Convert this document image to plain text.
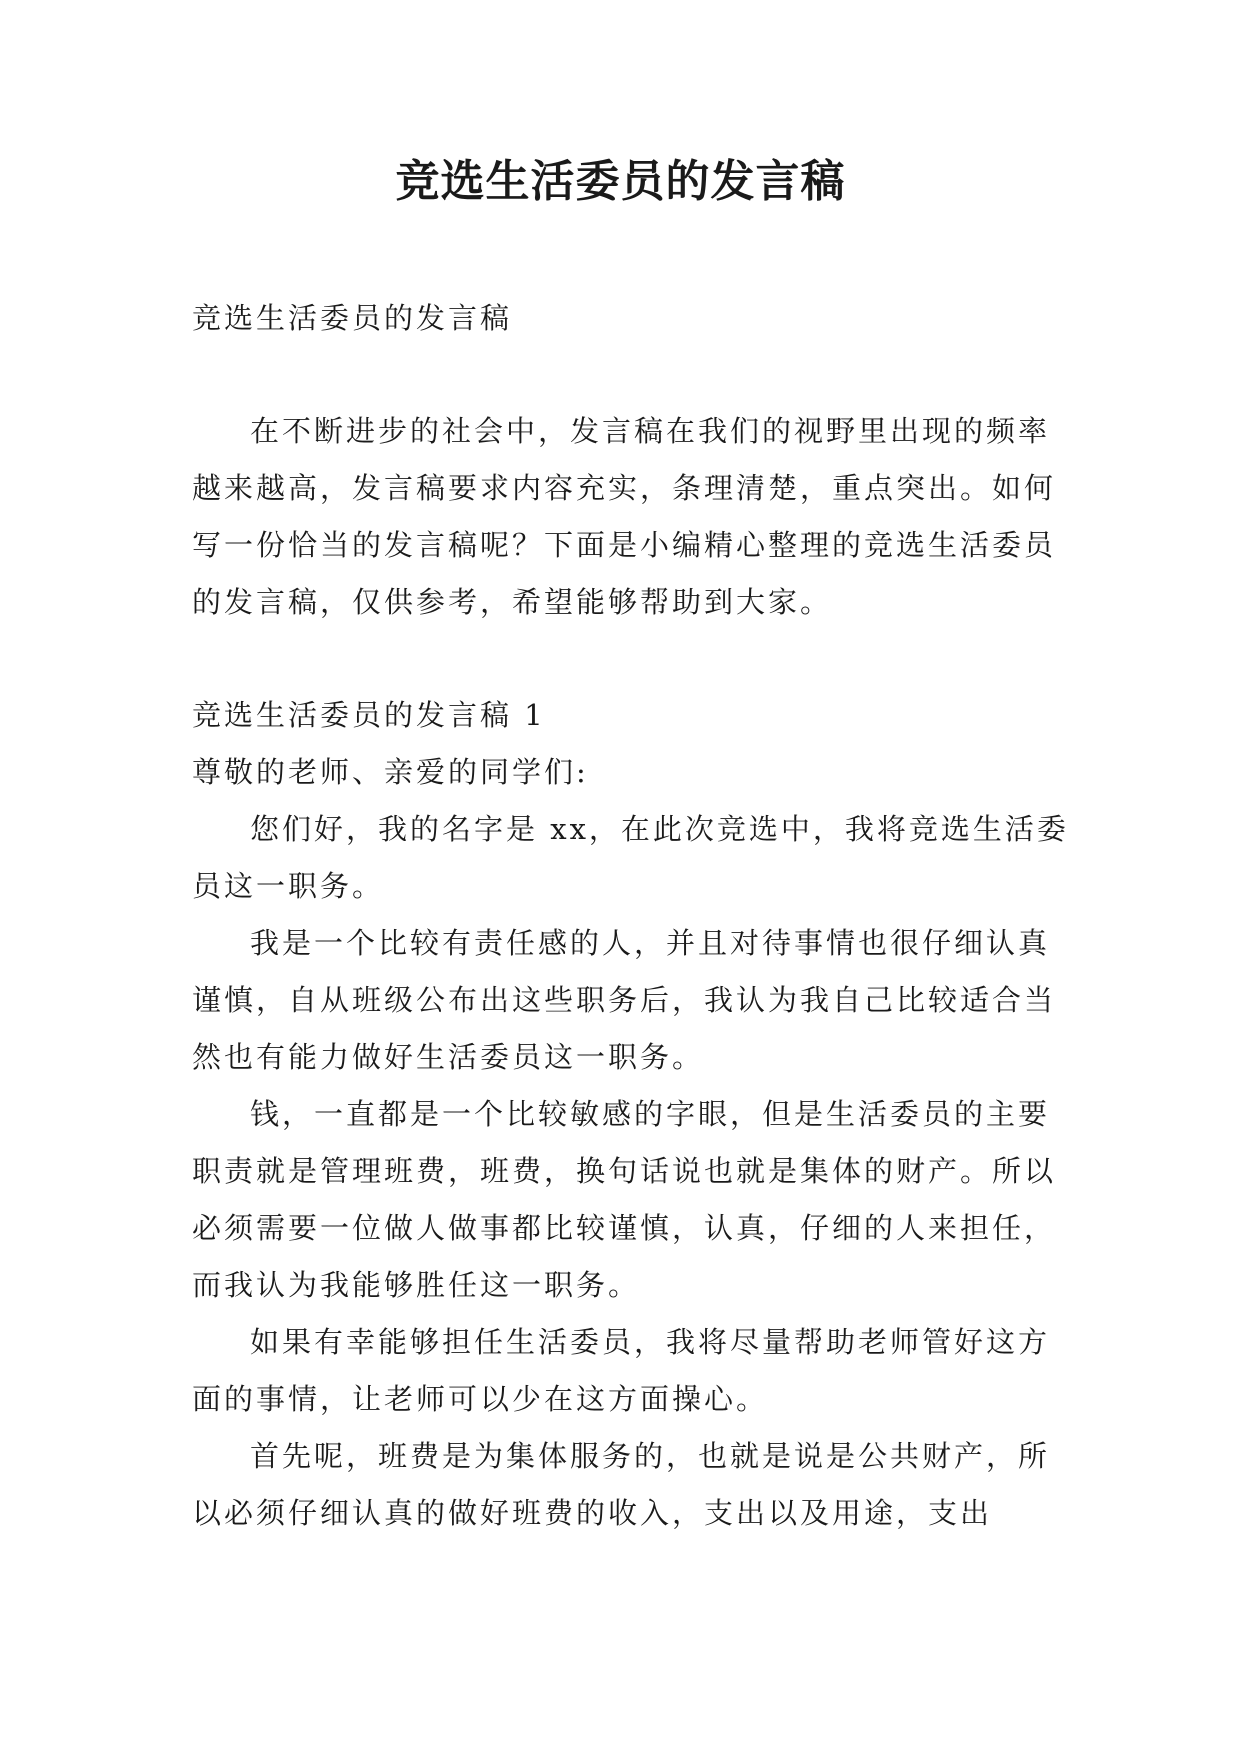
竞选生活委员的发言稿

竞选生活委员的发言稿

在不断进步的社会中，发言稿在我们的视野里出现的频率越来越高，发言稿要求内容充实，条理清楚，重点突出。如何写一份恰当的发言稿呢？下面是小编精心整理的竞选生活委员的发言稿，仅供参考，希望能够帮助到大家。

竞选生活委员的发言稿 1

尊敬的老师、亲爱的同学们:

您们好，我的名字是 xx，在此次竞选中，我将竞选生活委员这一职务。

我是一个比较有责任感的人，并且对待事情也很仔细认真谨慎，自从班级公布出这些职务后，我认为我自己比较适合当然也有能力做好生活委员这一职务。

钱，一直都是一个比较敏感的字眼，但是生活委员的主要职责就是管理班费，班费，换句话说也就是集体的财产。所以必须需要一位做人做事都比较谨慎，认真，仔细的人来担任，而我认为我能够胜任这一职务。

如果有幸能够担任生活委员，我将尽量帮助老师管好这方面的事情，让老师可以少在这方面操心。

首先呢，班费是为集体服务的，也就是说是公共财产，所以必须仔细认真的做好班费的收入，支出以及用途，支出
